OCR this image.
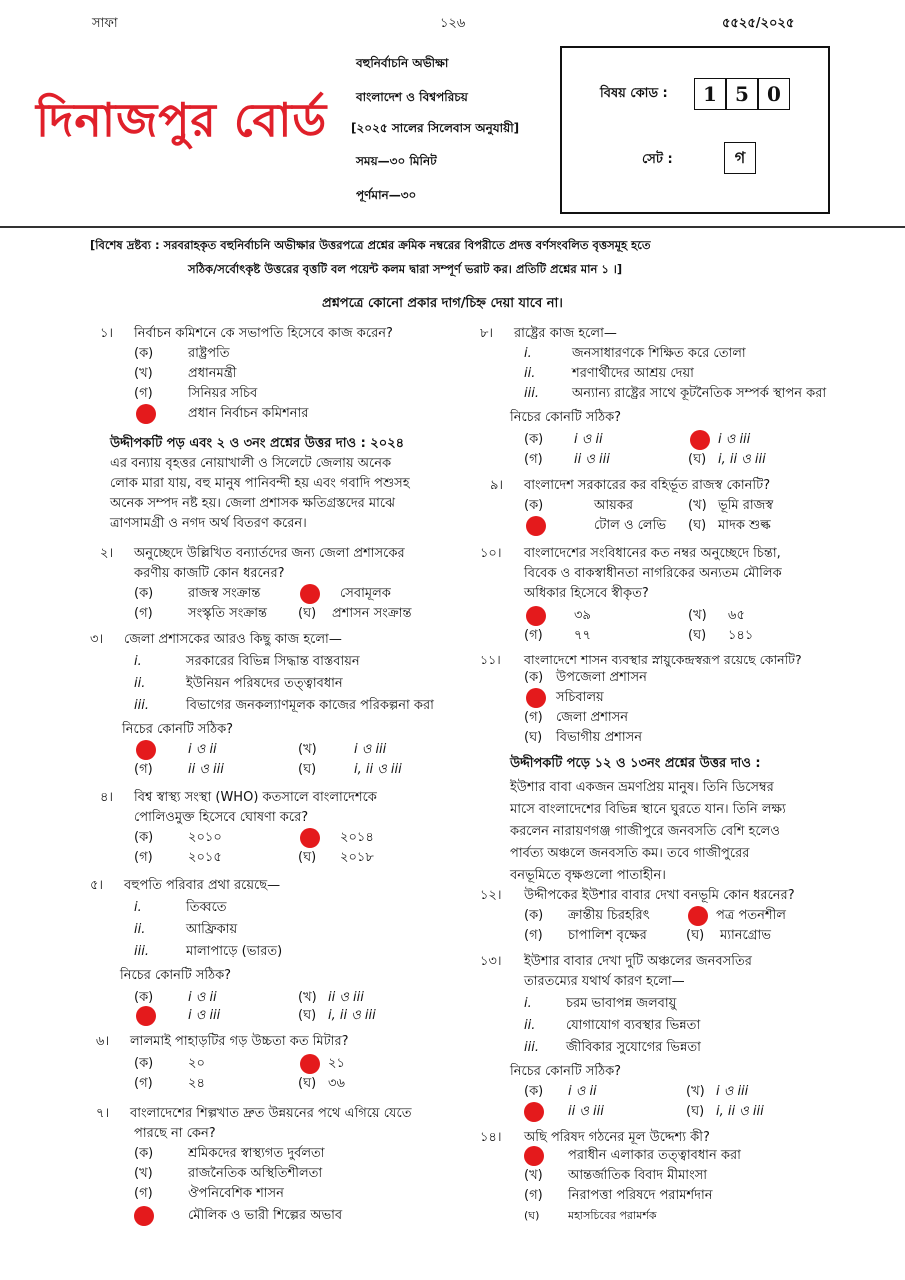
সাফা	১২৬	৫৫২৫/২০২৫
দিনাজপুর বোর্ড
বহুনির্বাচনি অভীক্ষা
বাংলাদেশ ও বিশ্বপরিচয়
[২০২৫ সালের সিলেবাস অনুযায়ী]
সময়—৩০ মিনিট
পূর্ণমান—৩০
বিষয় কোড :	1 5 0
সেট :	গ
[বিশেষ দ্রষ্টব্য : সরবরাহকৃত বহুনির্বাচনি অভীক্ষার উত্তরপত্রে প্রশ্নের ক্রমিক নম্বরের বিপরীতে প্রদত্ত বর্ণসংবলিত বৃত্তসমূহ হতে
সঠিক/সর্বোৎকৃষ্ট উত্তরের বৃত্তটি বল পয়েন্ট কলম দ্বারা সম্পূর্ণ ভরাট কর। প্রতিটি প্রশ্নের মান ১ ।]
প্রশ্নপত্রে কোনো প্রকার দাগ/চিহ্ন দেয়া যাবে না।
১। নির্বাচন কমিশনে কে সভাপতি হিসেবে কাজ করেন?
(ক)	রাষ্ট্রপতি
(খ)	প্রধানমন্ত্রী
(গ)	সিনিয়র সচিব
প্রধান নির্বাচন কমিশনার
উদ্দীপকটি পড় এবং ২ ও ৩নং প্রশ্নের উত্তর দাও : ২০২৪
এর বন্যায় বৃহত্তর নোয়াখালী ও সিলেটে জেলায় অনেক
লোক মারা যায়, বহু মানুষ পানিবন্দী হয় এবং গবাদি পশুসহ
অনেক সম্পদ নষ্ট হয়। জেলা প্রশাসক ক্ষতিগ্রস্তদের মাঝে
ত্রাণসামগ্রী ও নগদ অর্থ বিতরণ করেন।
২। অনুচ্ছেদে উল্লিখিত বন্যার্তদের জন্য জেলা প্রশাসকের
করণীয় কাজটি কোন ধরনের?
(ক)	রাজস্ব সংক্রান্ত	সেবামূলক
(গ)	সংস্কৃতি সংক্রান্ত (ঘ) প্রশাসন সংক্রান্ত
৩। জেলা প্রশাসকের আরও কিছু কাজ হলো—
i.	সরকারের বিভিন্ন সিদ্ধান্ত বাস্তবায়ন
ii.	ইউনিয়ন পরিষদের তত্ত্বাবধান
iii.	বিভাগের জনকল্যাণমূলক কাজের পরিকল্পনা করা
নিচের কোনটি সঠিক?
i ও ii	(খ)	i ও iii
(গ)	ii ও iii	(ঘ)	i, ii ও iii
৪। বিশ্ব স্বাস্থ্য সংস্থা (WHO) কতসালে বাংলাদেশকে
পোলিওমুক্ত হিসেবে ঘোষণা করে?
(ক)	২০১০	২০১৪
(গ)	২০১৫	(ঘ) ২০১৮
৫। বহুপতি পরিবার প্রথা রয়েছে—
i.	তিব্বতে
ii.	আফ্রিকায়
iii.	মালাপাড়ে (ভারত)
নিচের কোনটি সঠিক?
(ক)	i ও ii	(খ) ii ও iii
i ও iii	(ঘ) i, ii ও iii
৬। লালমাই পাহাড়টির গড় উচ্চতা কত মিটার?
(ক)	২০	২১
(গ)	২৪	(ঘ) ৩৬
৭। বাংলাদেশের শিল্পখাত দ্রুত উন্নয়নের পথে এগিয়ে যেতে
পারছে না কেন?
(ক)	শ্রমিকদের স্বাস্থ্যগত দুর্বলতা
(খ)	রাজনৈতিক অস্থিতিশীলতা
(গ)	ঔপনিবেশিক শাসন
মৌলিক ও ভারী শিল্পের অভাব
৮। রাষ্ট্রের কাজ হলো—
i.	জনসাধারণকে শিক্ষিত করে তোলা
ii.	শরণার্থীদের আশ্রয় দেয়া
iii.	অন্যান্য রাষ্ট্রের সাথে কূটনৈতিক সম্পর্ক স্থাপন করা
নিচের কোনটি সঠিক?
(ক) i ও ii	i ও iii
(গ) ii ও iii	(ঘ) i, ii ও iii
৯। বাংলাদেশ সরকারের কর বহির্ভূত রাজস্ব কোনটি?
(ক)	আয়কর	(খ) ভূমি রাজস্ব
টোল ও লেভি (ঘ) মাদক শুল্ক
১০। বাংলাদেশের সংবিধানের কত নম্বর অনুচ্ছেদে চিন্তা,
বিবেক ও বাকস্বাধীনতা নাগরিকের অন্যতম মৌলিক
অধিকার হিসেবে স্বীকৃত?
৩৯	(খ) ৬৫
(গ) ৭৭	(ঘ) ১৪১
১১। বাংলাদেশে শাসন ব্যবস্থার স্নায়ুকেন্দ্রস্বরূপ রয়েছে কোনটি?
(ক) উপজেলা প্রশাসন
সচিবালয়
(গ) জেলা প্রশাসন
(ঘ) বিভাগীয় প্রশাসন
উদ্দীপকটি পড়ে ১২ ও ১৩নং প্রশ্নের উত্তর দাও :
ইউশার বাবা একজন ভ্রমণপ্রিয় মানুষ। তিনি ডিসেম্বর
মাসে বাংলাদেশের বিভিন্ন স্থানে ঘুরতে যান। তিনি লক্ষ্য
করলেন নারায়ণগঞ্জ গাজীপুরে জনবসতি বেশি হলেও
পার্বত্য অঞ্চলে জনবসতি কম। তবে গাজীপুরের
বনভূমিতে বৃক্ষগুলো পাতাহীন।
১২। উদ্দীপকের ইউশার বাবার দেখা বনভূমি কোন ধরনের?
(ক) ক্রান্তীয় চিরহরিৎ	পত্র পতনশীল
(গ) চাপালিশ বৃক্ষের	(ঘ) ম্যানগ্রোভ
১৩। ইউশার বাবার দেখা দুটি অঞ্চলের জনবসতির
তারতম্যের যথার্থ কারণ হলো—
i.	চরম ভাবাপন্ন জলবায়ু
ii. যোগাযোগ ব্যবস্থার ভিন্নতা
iii. জীবিকার সুযোগের ভিন্নতা
নিচের কোনটি সঠিক?
(ক) i ও ii	(খ) i ও iii
ii ও iii	(ঘ) i, ii ও iii
১৪। অছি পরিষদ গঠনের মূল উদ্দেশ্য কী?
পরাধীন এলাকার তত্ত্বাবধান করা
(খ) আন্তর্জাতিক বিবাদ মীমাংসা
(গ) নিরাপত্তা পরিষদে পরামর্শদান
(ঘ)	মহাসচিবের পরামর্শক
